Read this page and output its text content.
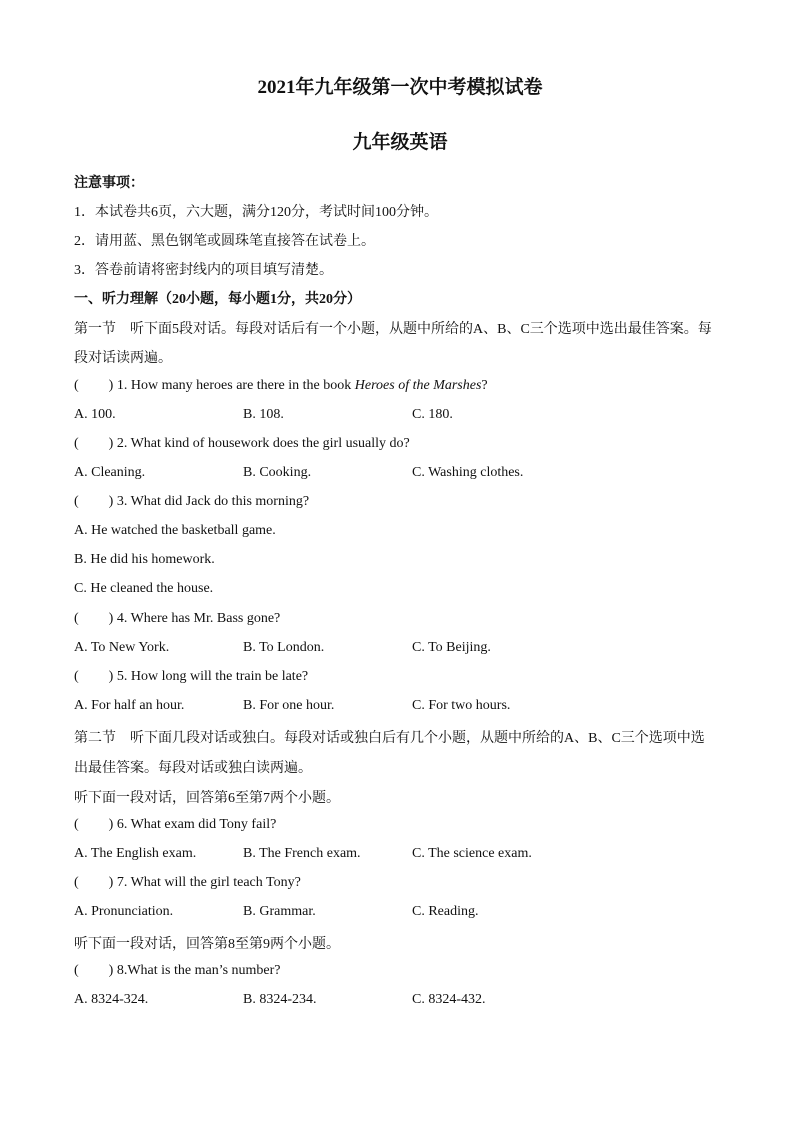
2021年九年级第一次中考模拟试卷
九年级英语
注意事项：
1．本试卷共6页，六大题，满分120分，考试时间100分钟。
2．请用蓝、黑色钢笔或圆珠笔直接答在试卷上。
3．答卷前请将密封线内的项目填写清楚。
一、听力理解（20小题，每小题1分，共20分）
第一节　听下面5段对话。每段对话后有一个小题，从题中所给的A、B、C三个选项中选出最佳答案。每
段对话读两遍。
( ) 1. How many heroes are there in the book Heroes of the Marshes?
A. 100.	B. 108.	C. 180.
( ) 2. What kind of housework does the girl usually do?
A. Cleaning.	B. Cooking.	C. Washing clothes.
( ) 3. What did Jack do this morning?
A. He watched the basketball game.
B. He did his homework.
C. He cleaned the house.
( ) 4. Where has Mr. Bass gone?
A. To New York.	B. To London.	C. To Beijing.
( ) 5. How long will the train be late?
A. For half an hour.	B. For one hour.	C. For two hours.
第二节　听下面几段对话或独白。每段对话或独白后有几个小题，从题中所给的A、B、C三个选项中选
出最佳答案。每段对话或独白读两遍。
听下面一段对话，回答第6至第7两个小题。
( ) 6. What exam did Tony fail?
A. The English exam.	B. The French exam.	C. The science exam.
( ) 7. What will the girl teach Tony?
A. Pronunciation.	B. Grammar.	C. Reading.
听下面一段对话，回答第8至第9两个小题。
( ) 8.What is the man’s number?
A. 8324-324.	B. 8324-234.	C. 8324-432.
